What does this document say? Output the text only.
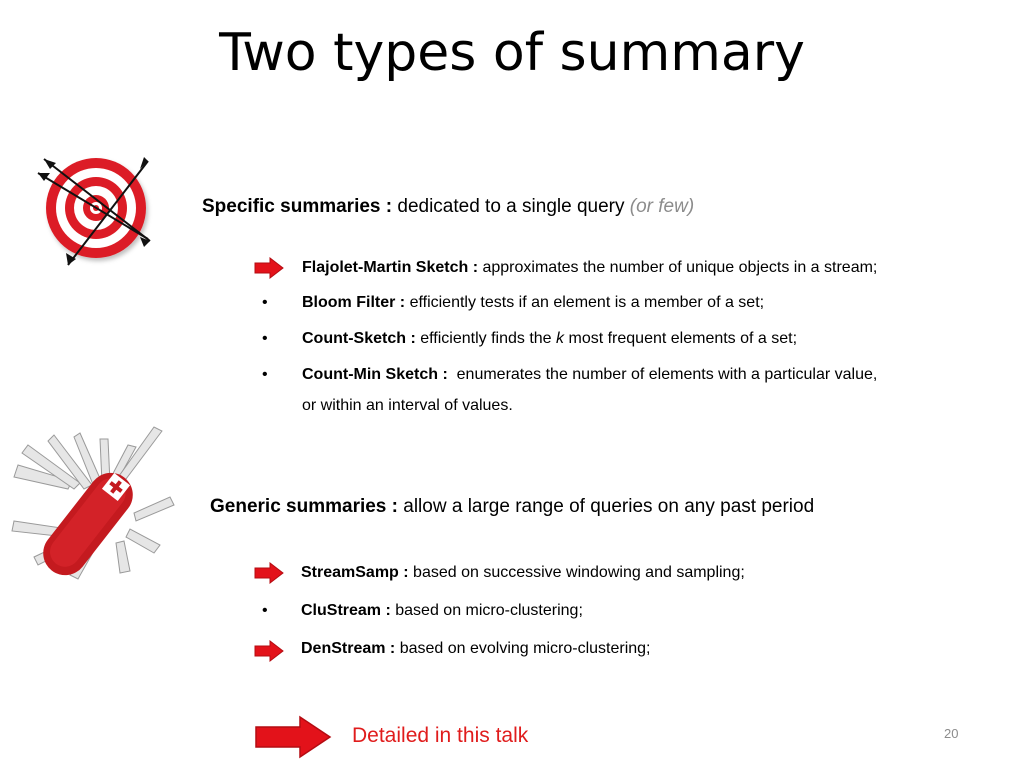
Two types of summary
Specific summaries : dedicated to a single query (or few)
Flajolet-Martin Sketch : approximates the number of unique objects in a stream;
• Bloom Filter : efficiently tests if an element is a member of a set;
• Count-Sketch : efficiently finds the k most frequent elements of a set;
• Count-Min Sketch : enumerates the number of elements with a particular value,
or within an interval of values.
Generic summaries : allow a large range of queries on any past period
StreamSamp : based on successive windowing and sampling;
• CluStream : based on micro-clustering;
DenStream : based on evolving micro-clustering;
Detailed in this talk	20
